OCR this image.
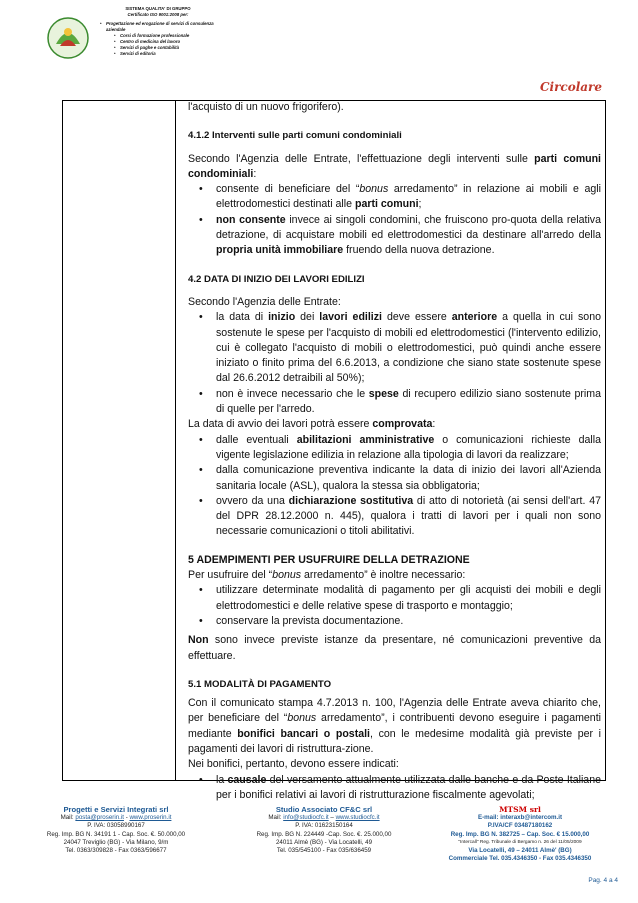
SISTEMA QUALITA' DI GRUPPO
Certificato ISO 9001:2008 per:
• Progettazione ed erogazione di servizi di consulenza aziendale
• Corsi di formazione professionale
• Centro di medicina del lavoro
• Servizi di paghe e contabilità
• Servizi di editoria
Circolare

l'acquisto di un nuovo frigorifero).

4.1.2 Interventi sulle parti comuni condominiali

Secondo l'Agenzia delle Entrate, l'effettuazione degli interventi sulle parti comuni condominiali:

• consente di beneficiare del “bonus arredamento” in relazione ai mobili e agli elettrodomestici destinati alle parti comuni;
• non consente invece ai singoli condomini, che fruiscono pro-quota della relativa detrazione, di acquistare mobili ed elettrodomestici da destinare all'arredo della propria unità immobiliare fruendo della nuova detrazione.

4.2 DATA DI INIZIO DEI LAVORI EDILIZI

Secondo l'Agenzia delle Entrate:

• la data di inizio dei lavori edilizi deve essere anteriore a quella in cui sono sostenute le spese per l'acquisto di mobili ed elettrodomestici (l'intervento edilizio, cui è collegato l'acquisto di mobili o elettrodomestici, può quindi anche essere iniziato o finito prima del 6.6.2013, a condizione che siano state sostenute spese dal 26.6.2012 detraibili al 50%);
• non è invece necessario che le spese di recupero edilizio siano sostenute prima di quelle per l'arredo.

La data di avvio dei lavori potrà essere comprovata:

• dalle eventuali abilitazioni amministrative o comunicazioni richieste dalla vigente legislazione edilizia in relazione alla tipologia di lavori da realizzare;
• dalla comunicazione preventiva indicante la data di inizio dei lavori all'Azienda sanitaria locale (ASL), qualora la stessa sia obbligatoria;
• ovvero da una dichiarazione sostitutiva di atto di notorietà (ai sensi dell'art. 47 del DPR 28.12.2000 n. 445), qualora i tratti di lavori per i quali non sono necessarie comunicazioni o titoli abilitativi.

5 ADEMPIMENTI PER USUFRUIRE DELLA DETRAZIONE

Per usufruire del “bonus arredamento” è inoltre necessario:

• utilizzare determinate modalità di pagamento per gli acquisti dei mobili e degli elettrodomestici e delle relative spese di trasporto e montaggio;
• conservare la prevista documentazione.

Non sono invece previste istanze da presentare, né comunicazioni preventive da effettuare.

5.1 MODALITÀ DI PAGAMENTO

Con il comunicato stampa 4.7.2013 n. 100, l'Agenzia delle Entrate aveva chiarito che, per beneficiare del “bonus arredamento”, i contribuenti devono eseguire i pagamenti mediante bonifici bancari o postali, con le medesime modalità già previste per i pagamenti dei lavori di ristruttura-zione.

Nei bonifici, pertanto, devono essere indicati:

• la causale del versamento attualmente utilizzata dalle banche e da Poste Italiane per i bonifici relativi ai lavori di ristrutturazione fiscalmente agevolati;
Progetti e Servizi Integrati srl
Mail: posta@proserin.it - www.proserin.it
P. IVA: 03058990167
Reg. Imp. BG N. 34191 1 - Cap. Soc. €. 50.000,00
24047 Treviglio (BG) - Via Milano, 9/m
Tel. 0363/309828 - Fax 0363/596677
Studio Associato CF&C srl
Mail: info@studiocfc.it – www.studiocfc.it
P. IVA: 01623150164
Reg. Imp. BG N. 224449 -Cap. Soc. €. 25.000,00
24011 Almè (BG) - Via Locatelli, 49
Tel. 035/545100 - Fax 035/636459
MTSM srl
E-mail: interaxb@intercom.it
P.IVA/CF 03487180162
Reg. Imp. BG N. 382725 – Cap. Soc. € 15.000,00
"Intercall" Reg. Tribunale di Bergamo n. 26 del 11/05/2009
Via Locatelli, 49 – 24011 Almè' (BG)
Commerciale Tel. 035.4346350 - Fax 035.4346350
Pag. 4 a 4
